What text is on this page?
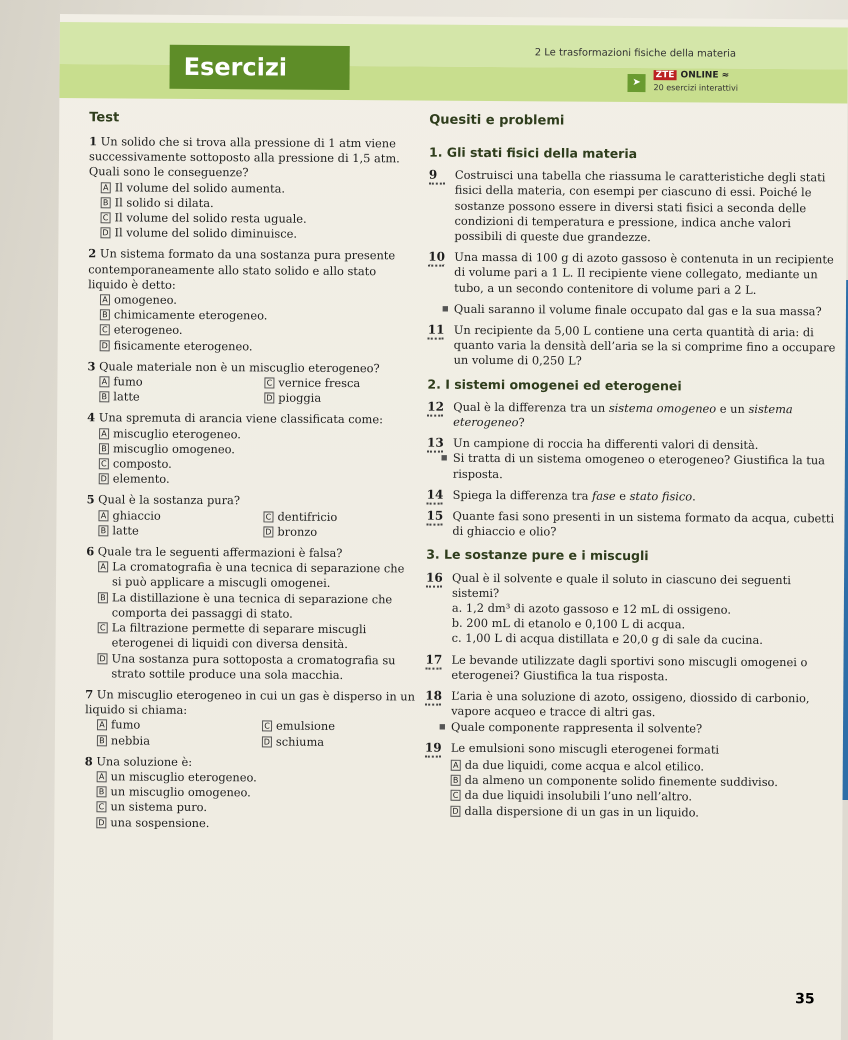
Esercizi	2 Le trasformazioni fisiche della materia
➤
ZTE ONLINE ≈
20 esercizi interattivi
Test	Quesiti e problemi
1 Un solido che si trova alla pressione di 1 atm viene successivamente sottoposto alla pressione di 1,5 atm. Quali sono le conseguenze?
A Il volume del solido aumenta.
B Il solido si dilata.
C Il volume del solido resta uguale.
D Il volume del solido diminuisce.
2 Un sistema formato da una sostanza pura presente contemporaneamente allo stato solido e allo stato liquido è detto:
A omogeneo.
B chimicamente eterogeneo.
C eterogeneo.
D fisicamente eterogeneo.
3 Quale materiale non è un miscuglio eterogeneo?
A fumo	C vernice fresca
B latte	D pioggia
4 Una spremuta di arancia viene classificata come:
A miscuglio eterogeneo.
B miscuglio omogeneo.
C composto.
D elemento.
5 Qual è la sostanza pura?
A ghiaccio	C dentifricio
B latte	D bronzo
6 Quale tra le seguenti affermazioni è falsa?
A La cromatografia è una tecnica di separazione che si può applicare a miscugli omogenei.
B La distillazione è una tecnica di separazione che comporta dei passaggi di stato.
C La filtrazione permette di separare miscugli eterogenei di liquidi con diversa densità.
D Una sostanza pura sottoposta a cromatografia su strato sottile produce una sola macchia.
7 Un miscuglio eterogeneo in cui un gas è disperso in un liquido si chiama:
A fumo	C emulsione
B nebbia	D schiuma
8 Una soluzione è:
A un miscuglio eterogeneo.
B un miscuglio omogeneo.
C un sistema puro.
D una sospensione.
1. Gli stati fisici della materia
9 Costruisci una tabella che riassuma le caratteristiche degli stati fisici della materia, con esempi per ciascuno di essi. Poiché le sostanze possono essere in diversi stati fisici a seconda delle condizioni di temperatura e pressione, indica anche valori possibili di queste due grandezze.
10 Una massa di 100 g di azoto gassoso è contenuta in un recipiente di volume pari a 1 L. Il recipiente viene collegato, mediante un tubo, a un secondo contenitore di volume pari a 2 L.
■ Quali saranno il volume finale occupato dal gas e la sua massa?
11 Un recipiente da 5,00 L contiene una certa quantità di aria: di quanto varia la densità dell’aria se la si comprime fino a occupare un volume di 0,250 L?
2. I sistemi omogenei ed eterogenei
12 Qual è la differenza tra un sistema omogeneo e un sistema eterogeneo?
13 Un campione di roccia ha differenti valori di densità.
■ Si tratta di un sistema omogeneo o eterogeneo? Giustifica la tua risposta.
14 Spiega la differenza tra fase e stato fisico.
15 Quante fasi sono presenti in un sistema formato da acqua, cubetti di ghiaccio e olio?
3. Le sostanze pure e i miscugli
16 Qual è il solvente e quale il soluto in ciascuno dei seguenti sistemi?
a. 1,2 dm³ di azoto gassoso e 12 mL di ossigeno.
b. 200 mL di etanolo e 0,100 L di acqua.
c. 1,00 L di acqua distillata e 20,0 g di sale da cucina.
17 Le bevande utilizzate dagli sportivi sono miscugli omogenei o eterogenei? Giustifica la tua risposta.
18 L’aria è una soluzione di azoto, ossigeno, diossido di carbonio, vapore acqueo e tracce di altri gas.
■ Quale componente rappresenta il solvente?
19 Le emulsioni sono miscugli eterogenei formati
A da due liquidi, come acqua e alcol etilico.
B da almeno un componente solido finemente suddiviso.
C da due liquidi insolubili l’uno nell’altro.
D dalla dispersione di un gas in un liquido.
35
